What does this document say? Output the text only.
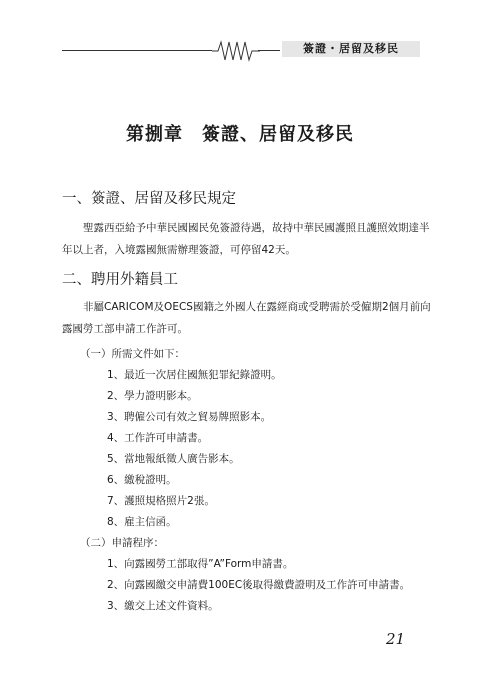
簽證・居留及移民
第捌章　簽證、居留及移民
一、簽證、居留及移民規定
聖露西亞給予中華民國國民免簽證待遇，故持中華民國護照且護照效期達半年以上者，入境露國無需辦理簽證，可停留42天。
二、聘用外籍員工
非屬CARICOM及OECS國籍之外國人在露經商或受聘需於受僱期2個月前向露國勞工部申請工作許可。
（一）所需文件如下：
1、最近一次居住國無犯罪紀錄證明。
2、學力證明影本。
3、聘僱公司有效之貿易牌照影本。
4、工作許可申請書。
5、當地報紙徵人廣告影本。
6、繳稅證明。
7、護照規格照片2張。
8、雇主信函。
（二）申請程序：
1、向露國勞工部取得”A”Form申請書。
2、向露國繳交申請費100EC後取得繳費證明及工作許可申請書。
3、繳交上述文件資料。
21
